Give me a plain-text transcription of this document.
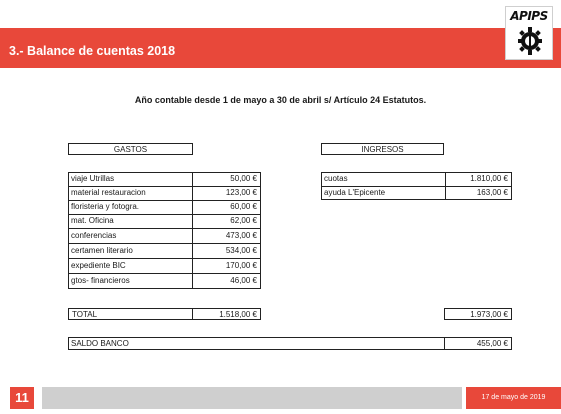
3.- Balance de cuentas 2018
APIPS
Año contable desde 1 de mayo a 30 de abril s/ Artículo 24 Estatutos.
GASTOS
viaje Utrillas	50,00 €
material restauracion	123,00 €
floristeria y fotogra.	60,00 €
mat. Oficina	62,00 €
conferencias	473,00 €
certamen literario	534,00 €
expediente BIC	170,00 €
gtos- financieros	46,00 €
INGRESOS
cuotas	1.810,00 €
ayuda L'Epicente	163,00 €
TOTAL	1.518,00 €	1.973,00 €
SALDO BANCO	455,00 €
11	17 de mayo de 2019
